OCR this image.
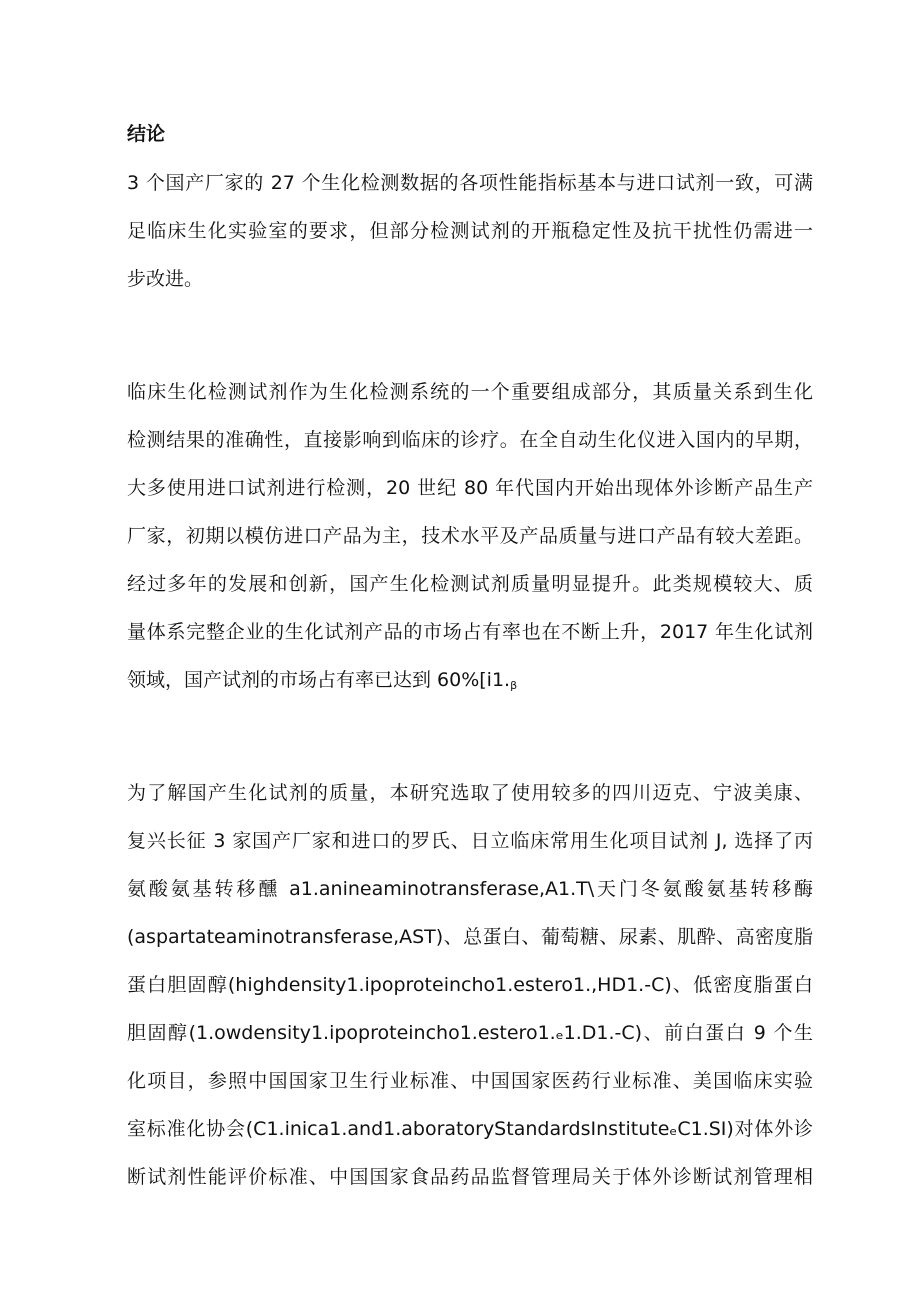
结论
3 个国产厂家的 27 个生化检测数据的各项性能指标基本与进口试剂一致，可满
足临床生化实验室的要求，但部分检测试剂的开瓶稳定性及抗干扰性仍需进一
步改进。
临床生化检测试剂作为生化检测系统的一个重要组成部分，其质量关系到生化
检测结果的准确性，直接影响到临床的诊疗。在全自动生化仪进入国内的早期，
大多使用进口试剂进行检测，20 世纪 80 年代国内开始出现体外诊断产品生产
厂家，初期以模仿进口产品为主，技术水平及产品质量与进口产品有较大差距。
经过多年的发展和创新，国产生化检测试剂质量明显提升。此类规模较大、质
量体系完整企业的生化试剂产品的市场占有率也在不断上升，2017 年生化试剂
领域，国产试剂的市场占有率已达到 $60\%[i1._\beta$
为了解国产生化试剂的质量，本研究选取了使用较多的四川迈克、宁波美康、
复兴长征 3 家国产厂家和进口的罗氏、日立临床常用生化项目试剂 J, 选择了丙
氨酸氨基转移醺 a1.anineaminotransferase,A1.T\天门冬氨酸氨基转移酶
(aspartateaminotransferase,AST)、总蛋白、葡萄糖、尿素、肌酔、高密度脂
蛋白胆固醇(highdensity1.ipoproteincho1.estero1.,HD1.-C)、低密度脂蛋白
胆固醇(1.owdensity1.ipoproteincho1.estero1.ₑ1.D1.-C)、前白蛋白 9 个生
化项目，参照中国国家卫生行业标准、中国国家医药行业标准、美国临床实验
室标准化协会(C1.inica1.and1.aboratoryStandardsInstituteₑC1.SI)对体外诊
断试剂性能评价标准、中国国家食品药品监督管理局关于体外诊断试剂管理相
